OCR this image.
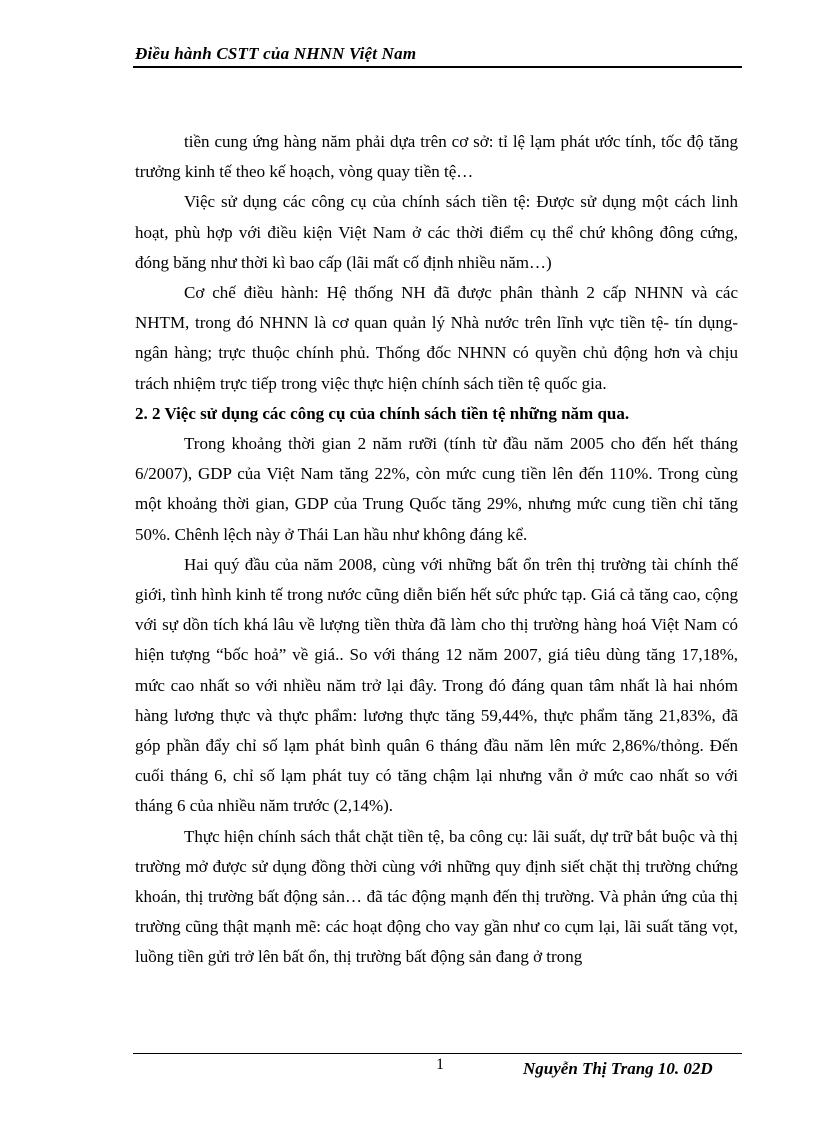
Điều hành CSTT của NHNN Việt Nam

tiền cung ứng hàng năm phải dựa trên cơ sở: tỉ lệ lạm phát ước tính, tốc độ tăng trưởng kinh tế theo kế hoạch, vòng quay tiền tệ…

Việc sử dụng các công cụ của chính sách tiền tệ: Được sử dụng một cách linh hoạt, phù hợp với điều kiện Việt Nam ở các thời điểm cụ thể chứ không đông cứng, đóng băng như thời kì bao cấp (lãi mất cố định nhiều năm…)

Cơ chế điều hành: Hệ thống NH đã được phân thành 2 cấp NHNN và các NHTM, trong đó NHNN là cơ quan quản lý Nhà nước trên lĩnh vực tiền tệ- tín dụng- ngân hàng; trực thuộc chính phủ. Thống đốc NHNN có quyền chủ động hơn và chịu trách nhiệm trực tiếp trong việc thực hiện chính sách tiền tệ quốc gia.

2. 2 Việc sử dụng các công cụ của chính sách tiền tệ những năm qua.

Trong khoảng thời gian 2 năm rưỡi (tính từ đầu năm 2005 cho đến hết tháng 6/2007), GDP của Việt Nam tăng 22%, còn mức cung tiền lên đến 110%. Trong cùng một khoảng thời gian, GDP của Trung Quốc tăng 29%, nhưng mức cung tiền chỉ tăng 50%. Chênh lệch này ở Thái Lan hầu như không đáng kể.

Hai quý đầu của năm 2008, cùng với những bất ổn trên thị trường tài chính thế giới, tình hình kinh tế trong nước cũng diễn biến hết sức phức tạp. Giá cả tăng cao, cộng với sự dồn tích khá lâu về lượng tiền thừa đã làm cho thị trường hàng hoá Việt Nam có hiện tượng “bốc hoả” về giá.. So với tháng 12 năm 2007, giá tiêu dùng tăng 17,18%, mức cao nhất so với nhiều năm trở lại đây. Trong đó đáng quan tâm nhất là hai nhóm hàng lương thực và thực phẩm: lương thực tăng 59,44%, thực phẩm tăng 21,83%, đã góp phần đẩy chỉ số lạm phát bình quân 6 tháng đầu năm lên mức 2,86%/thỏng. Đến cuối tháng 6, chỉ số lạm phát tuy có tăng chậm lại nhưng vẫn ở mức cao nhất so với tháng 6 của nhiều năm trước (2,14%).

Thực hiện chính sách thắt chặt tiền tệ, ba công cụ: lãi suất, dự trữ bắt buộc và thị trường mở được sử dụng đồng thời cùng với những quy định siết chặt thị trường chứng khoán, thị trường bất động sản… đã tác động mạnh đến thị trường. Và phản ứng của thị trường cũng thật mạnh mẽ: các hoạt động cho vay gần như co cụm lại, lãi suất tăng vọt, luồng tiền gửi trở lên bất ổn, thị trường bất động sản đang ở trong

1	Nguyễn Thị Trang 10. 02D
